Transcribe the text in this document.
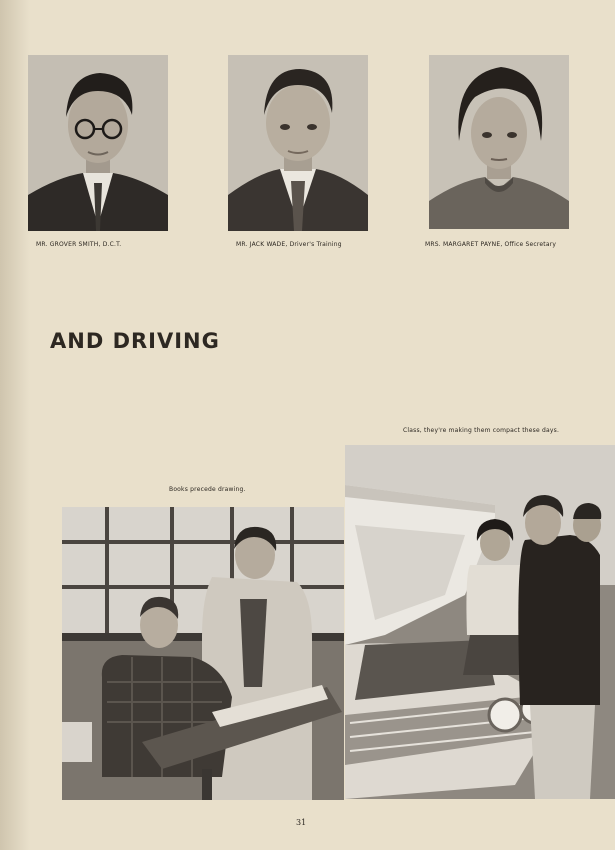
MR. GROVER SMITH, D.C.T.	MR. JACK WADE, Driver's Training	MRS. MARGARET PAYNE, Office Secretary
AND DRIVING
Class, they're making them compact these days.
Books precede drawing.
31
